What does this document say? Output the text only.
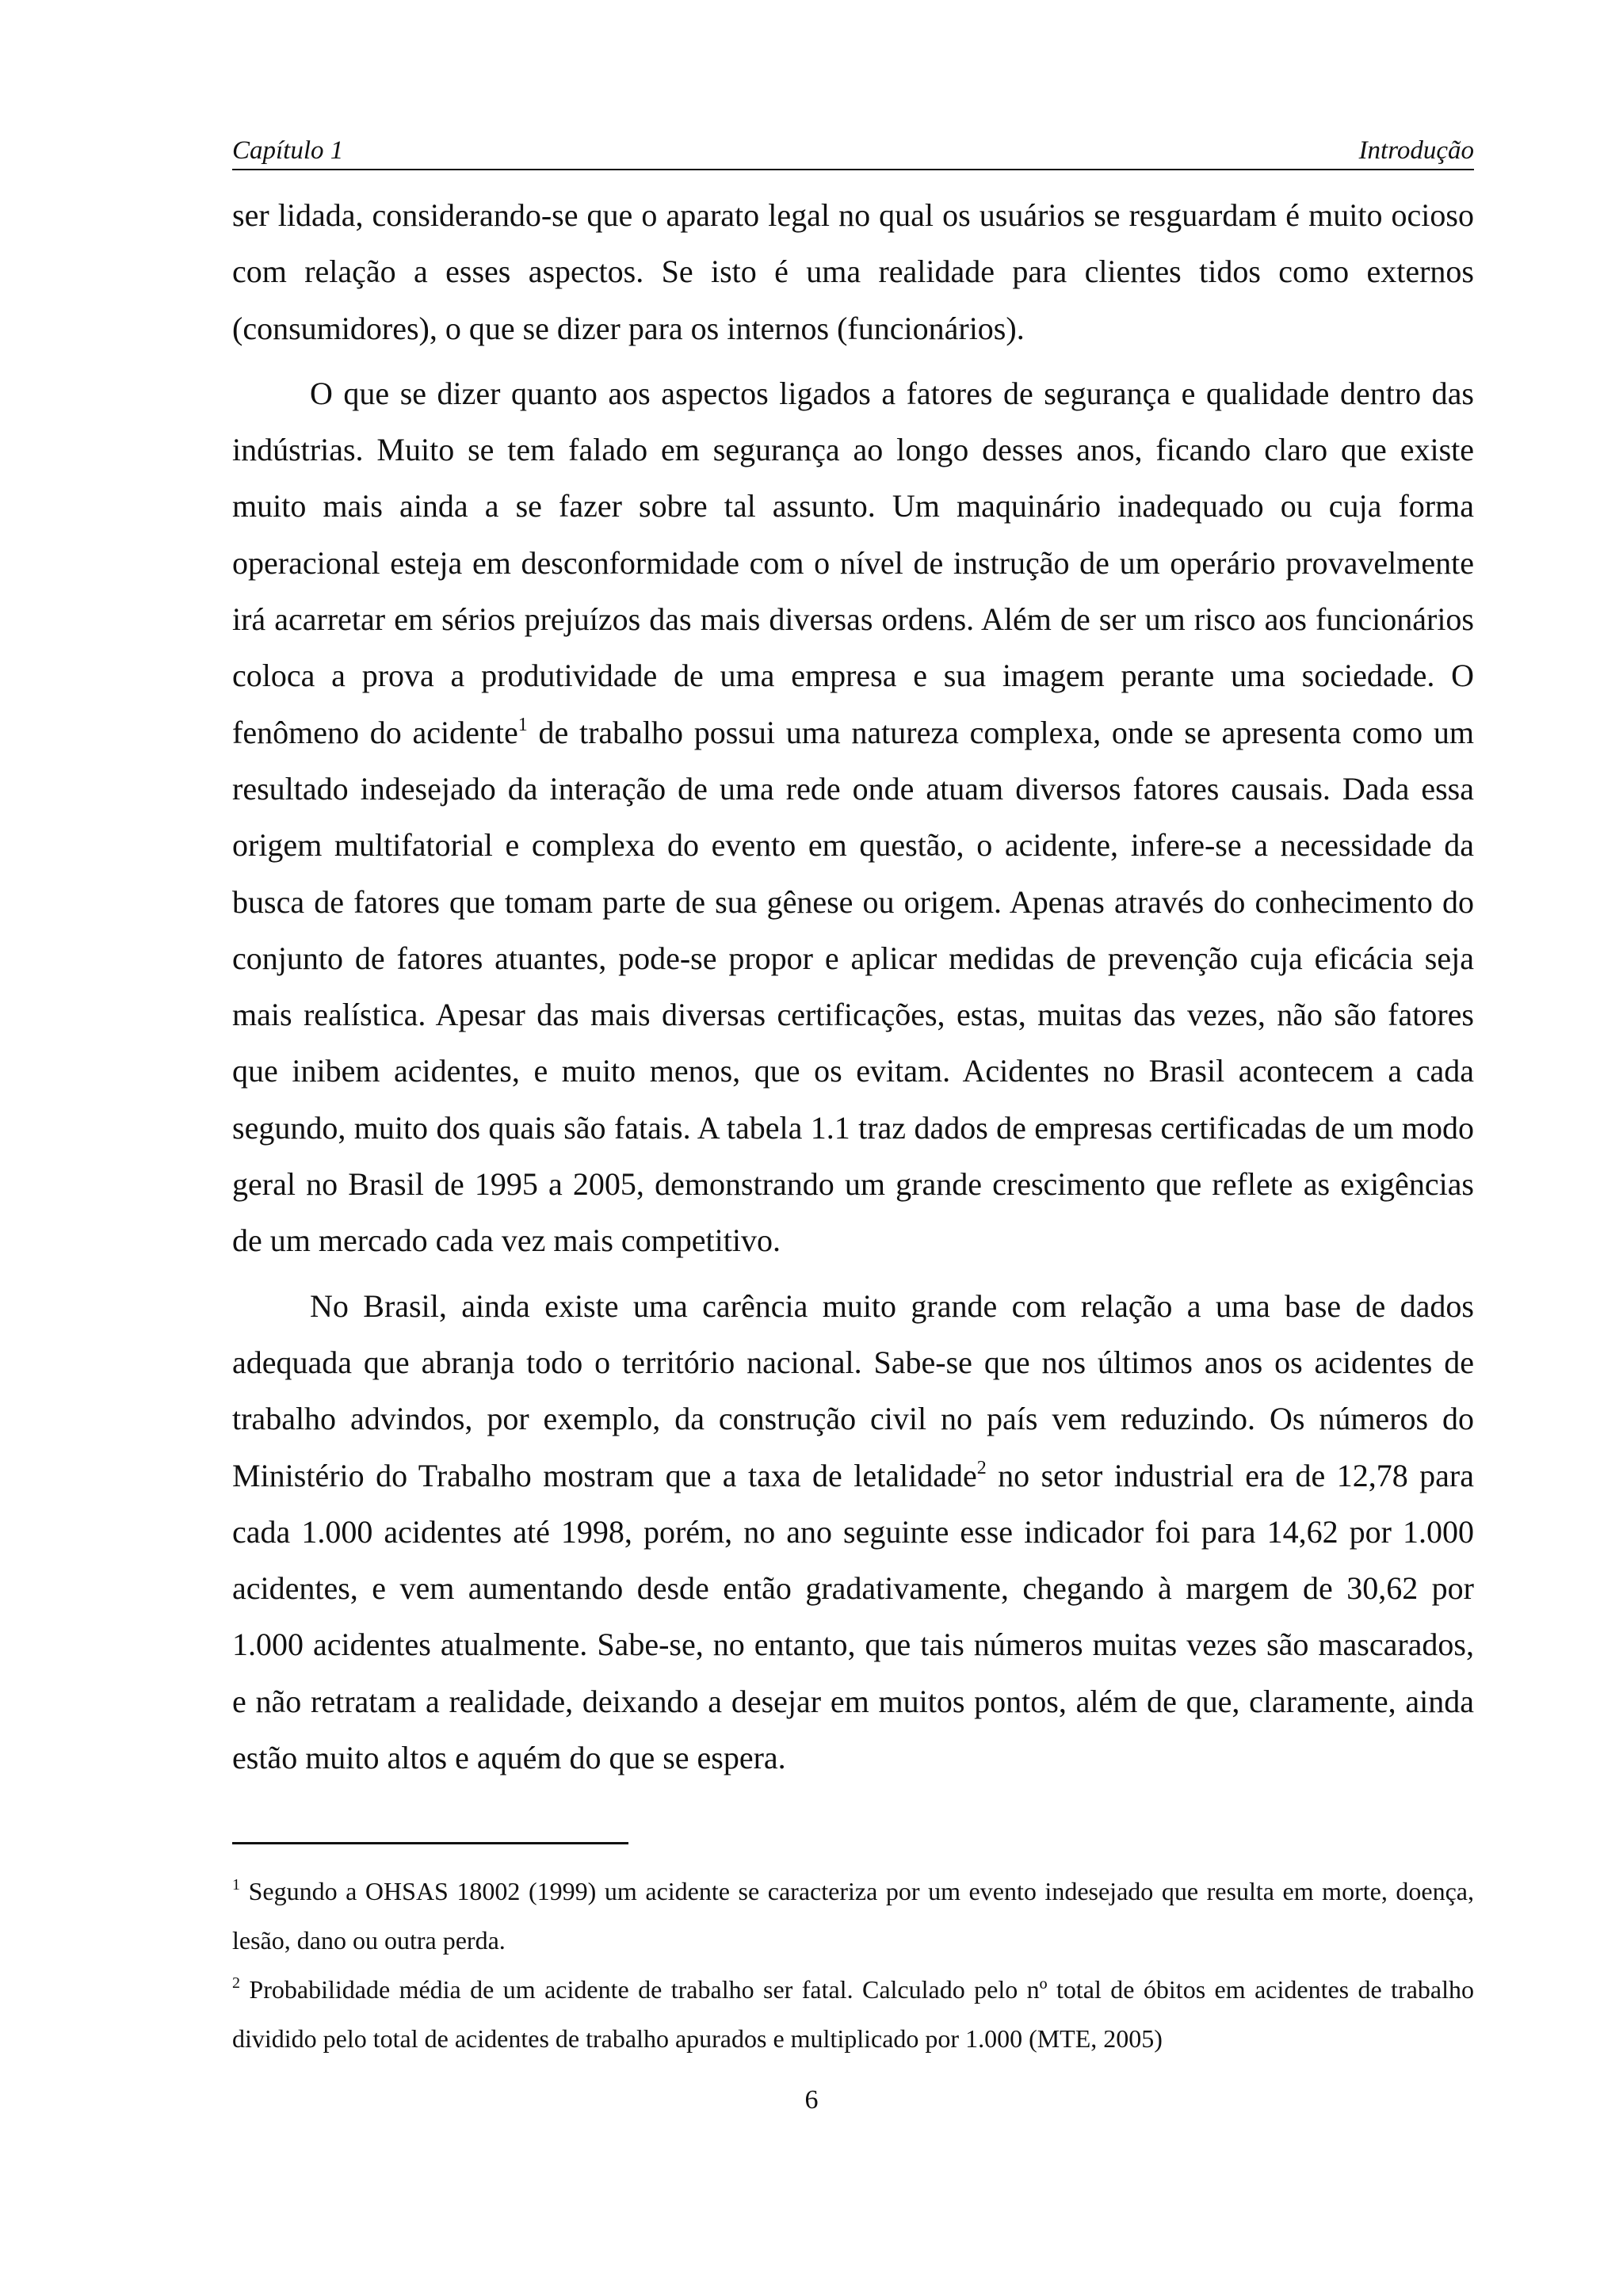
Capítulo 1	Introdução

ser lidada, considerando-se que o aparato legal no qual os usuários se resguardam é muito ocioso com relação a esses aspectos. Se isto é uma realidade para clientes tidos como externos (consumidores), o que se dizer para os internos (funcionários).

O que se dizer quanto aos aspectos ligados a fatores de segurança e qualidade dentro das indústrias. Muito se tem falado em segurança ao longo desses anos, ficando claro que existe muito mais ainda a se fazer sobre tal assunto. Um maquinário inadequado ou cuja forma operacional esteja em desconformidade com o nível de instrução de um operário provavelmente irá acarretar em sérios prejuízos das mais diversas ordens. Além de ser um risco aos funcionários coloca a prova a produtividade de uma empresa e sua imagem perante uma sociedade. O fenômeno do acidente$^1$ de trabalho possui uma natureza complexa, onde se apresenta como um resultado indesejado da interação de uma rede onde atuam diversos fatores causais. Dada essa origem multifatorial e complexa do evento em questão, o acidente, infere-se a necessidade da busca de fatores que tomam parte de sua gênese ou origem. Apenas através do conhecimento do conjunto de fatores atuantes, pode-se propor e aplicar medidas de prevenção cuja eficácia seja mais realística. Apesar das mais diversas certificações, estas, muitas das vezes, não são fatores que inibem acidentes, e muito menos, que os evitam. Acidentes no Brasil acontecem a cada segundo, muito dos quais são fatais. A tabela 1.1 traz dados de empresas certificadas de um modo geral no Brasil de 1995 a 2005, demonstrando um grande crescimento que reflete as exigências de um mercado cada vez mais competitivo.

No Brasil, ainda existe uma carência muito grande com relação a uma base de dados adequada que abranja todo o território nacional. Sabe-se que nos últimos anos os acidentes de trabalho advindos, por exemplo, da construção civil no país vem reduzindo. Os números do Ministério do Trabalho mostram que a taxa de letalidade$^2$ no setor industrial era de 12,78 para cada 1.000 acidentes até 1998, porém, no ano seguinte esse indicador foi para 14,62 por 1.000 acidentes, e vem aumentando desde então gradativamente, chegando à margem de 30,62 por 1.000 acidentes atualmente. Sabe-se, no entanto, que tais números muitas vezes são mascarados, e não retratam a realidade, deixando a desejar em muitos pontos, além de que, claramente, ainda estão muito altos e aquém do que se espera.

$^1$ Segundo a OHSAS 18002 (1999) um acidente se caracteriza por um evento indesejado que resulta em morte, doença, lesão, dano ou outra perda.

$^2$ Probabilidade média de um acidente de trabalho ser fatal. Calculado pelo nº total de óbitos em acidentes de trabalho dividido pelo total de acidentes de trabalho apurados e multiplicado por 1.000 (MTE, 2005)

6
